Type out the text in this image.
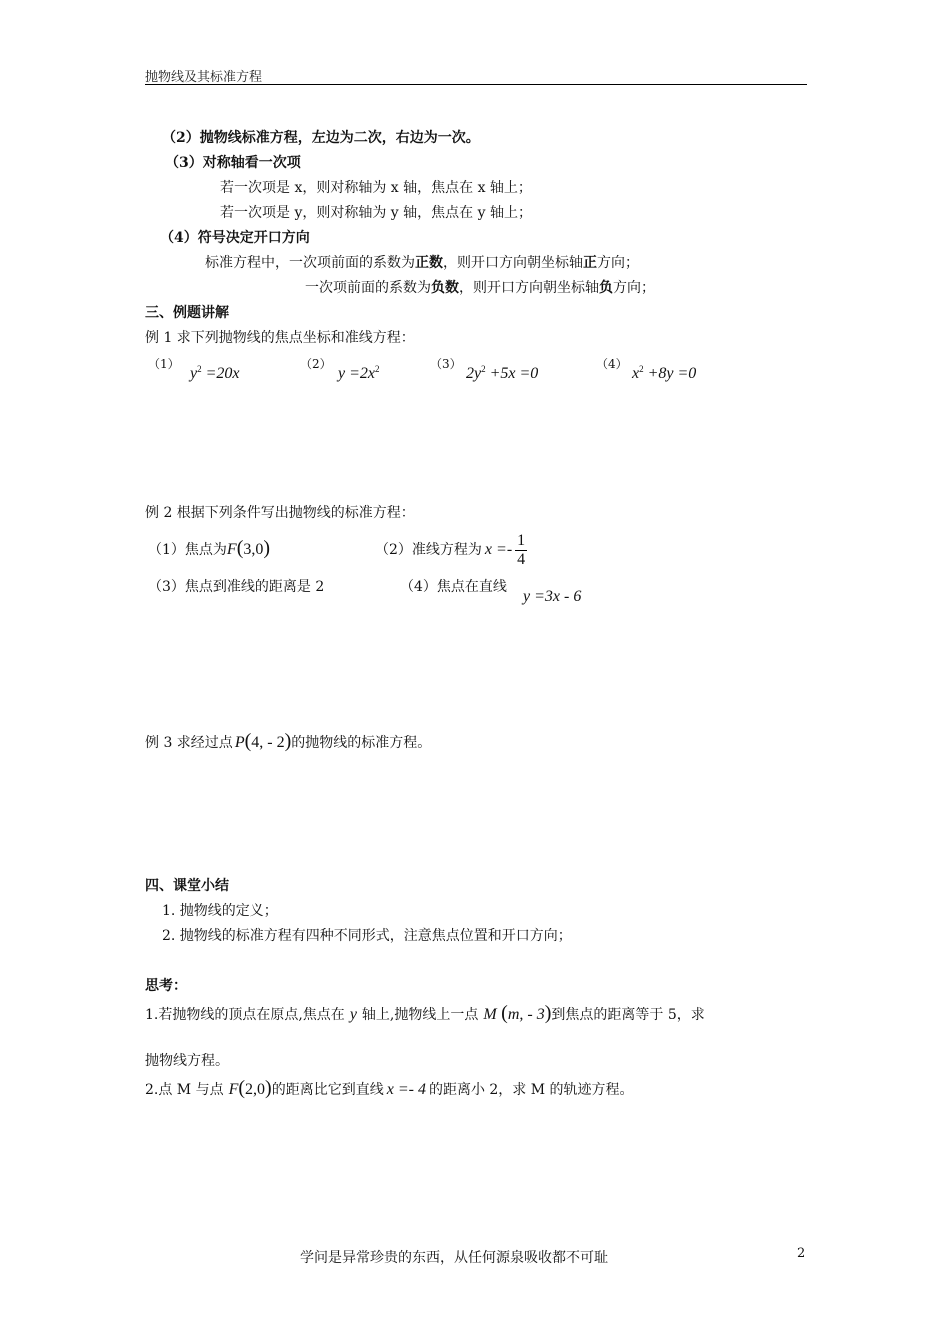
抛物线及其标准方程
（2）抛物线标准方程，左边为二次，右边为一次。
（3）对称轴看一次项
若一次项是 x，则对称轴为 x 轴，焦点在 x 轴上；
若一次项是 y，则对称轴为 y 轴，焦点在 y 轴上；
（4）符号决定开口方向
标准方程中，一次项前面的系数为正数，则开口方向朝坐标轴正方向；
一次项前面的系数为负数，则开口方向朝坐标轴负方向；
三、例题讲解
例 1 求下列抛物线的焦点坐标和准线方程：
（1）
$y^2 =20x$
（2）
$y =2x^2$	（3）
$2y^2 +5x =0$
（4）
$x^2 +8y =0$
例 2 根据下列条件写出抛物线的标准方程：
（1）焦点为F(3,0)	（2）准线方程为 $x =- \frac{1}{4}$
（3）焦点到准线的距离是 2	（4）焦点在直线
y =3x - 6
例 3 求经过点 P(4, - 2)的抛物线的标准方程。
四、课堂小结
1. 抛物线的定义；
2. 抛物线的标准方程有四种不同形式，注意焦点位置和开口方向；
思考：
1.若抛物线的顶点在原点,焦点在 y 轴上,抛物线上一点 M (m, - 3)到焦点的距离等于 5，求
抛物线方程。
2.点 M 与点 F(2,0)的距离比它到直线 x =- 4 的距离小 2，求 M 的轨迹方程。
学问是异常珍贵的东西，从任何源泉吸收都不可耻	2
